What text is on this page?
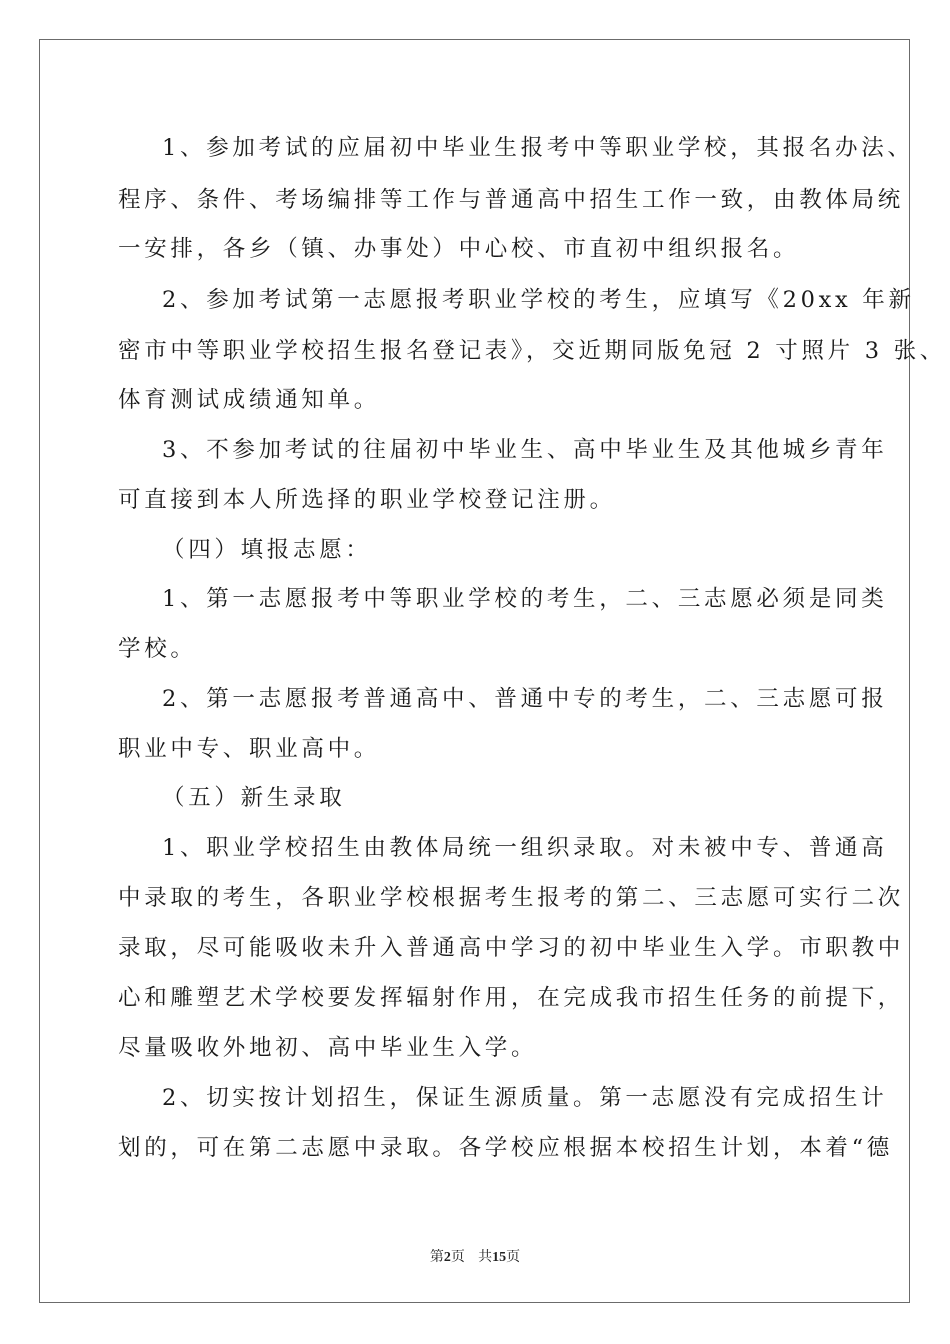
1、参加考试的应届初中毕业生报考中等职业学校，其报名办法、
程序、条件、考场编排等工作与普通高中招生工作一致，由教体局统
一安排，各乡（镇、办事处）中心校、市直初中组织报名。
2、参加考试第一志愿报考职业学校的考生，应填写《20xx 年新
密市中等职业学校招生报名登记表》，交近期同版免冠 2 寸照片 3 张、
体育测试成绩通知单。
3、不参加考试的往届初中毕业生、高中毕业生及其他城乡青年
可直接到本人所选择的职业学校登记注册。
（四）填报志愿：
1、第一志愿报考中等职业学校的考生，二、三志愿必须是同类
学校。
2、第一志愿报考普通高中、普通中专的考生，二、三志愿可报
职业中专、职业高中。
（五）新生录取
1、职业学校招生由教体局统一组织录取。对未被中专、普通高
中录取的考生，各职业学校根据考生报考的第二、三志愿可实行二次
录取，尽可能吸收未升入普通高中学习的初中毕业生入学。市职教中
心和雕塑艺术学校要发挥辐射作用，在完成我市招生任务的前提下，
尽量吸收外地初、高中毕业生入学。
2、切实按计划招生，保证生源质量。第一志愿没有完成招生计
划的，可在第二志愿中录取。各学校应根据本校招生计划，本着“德
第2页   共15页
